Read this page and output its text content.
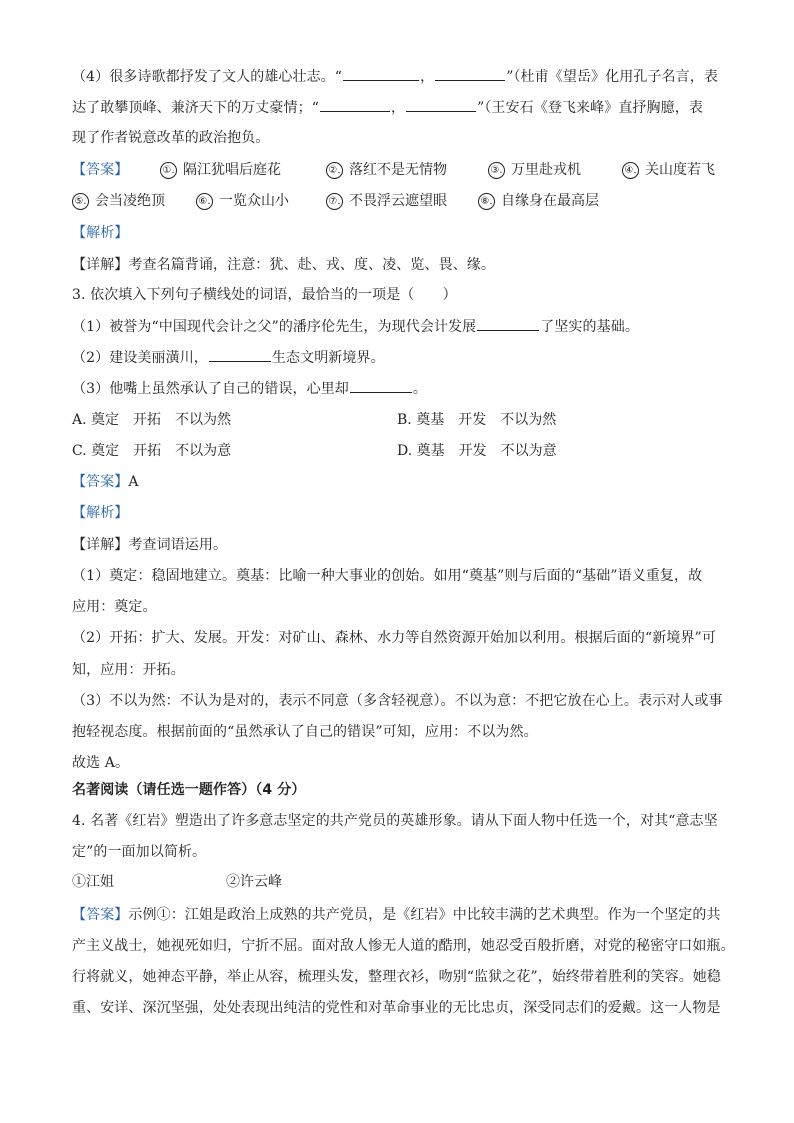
（4）很多诗歌都抒发了文人的雄心壮志。“	，	”（杜甫《望岳》化用孔子名言，表
达了敢攀顶峰、兼济天下的万丈豪情；“	，	”（王安石《登飞来峰》直抒胸臆，表
现了作者锐意改革的政治抱负。
【答案】	①. 隔江犹唱后庭花	②. 落红不是无情物	③. 万里赴戎机	④. 关山度若飞
⑤. 会当凌绝顶	⑥. 一览众山小	⑦. 不畏浮云遮望眼	⑧. 自缘身在最高层
【解析】
【详解】考查名篇背诵，注意：犹、赴、戎、度、凌、览、畏、缘。
3. 依次填入下列句子横线处的词语，最恰当的一项是（　　）
（1）被誉为“中国现代会计之父”的潘序伦先生，为现代会计发展	了坚实的基础。
（2）建设美丽潢川，	生态文明新境界。
（3）他嘴上虽然承认了自己的错误，心里却	。
A. 奠定　开拓　不以为然	B. 奠基　开发　不以为然
C. 奠定　开拓　不以为意	D. 奠基　开发　不以为意
【答案】A
【解析】
【详解】考查词语运用。
（1）奠定：稳固地建立。奠基：比喻一种大事业的创始。如用“奠基”则与后面的“基础”语义重复，故
应用：奠定。
（2）开拓：扩大、发展。开发：对矿山、森林、水力等自然资源开始加以利用。根据后面的“新境界”可
知，应用：开拓。
（3）不以为然：不认为是对的，表示不同意（多含轻视意）。不以为意：不把它放在心上。表示对人或事
抱轻视态度。根据前面的“虽然承认了自己的错误”可知，应用：不以为然。
故选 A。
名著阅读（请任选一题作答）（4 分）
4. 名著《红岩》塑造出了许多意志坚定的共产党员的英雄形象。请从下面人物中任选一个，对其“意志坚
定”的一面加以简析。
①江姐	②许云峰
【答案】示例①：江姐是政治上成熟的共产党员，是《红岩》中比较丰满的艺术典型。作为一个坚定的共
产主义战士，她视死如归，宁折不屈。面对敌人惨无人道的酷刑，她忍受百般折磨，对党的秘密守口如瓶。
行将就义，她神态平静，举止从容，梳理头发，整理衣衫，吻别“监狱之花”，始终带着胜利的笑容。她稳
重、安详、深沉坚强，处处表现出纯洁的党性和对革命事业的无比忠贞，深受同志们的爱戴。这一人物是
